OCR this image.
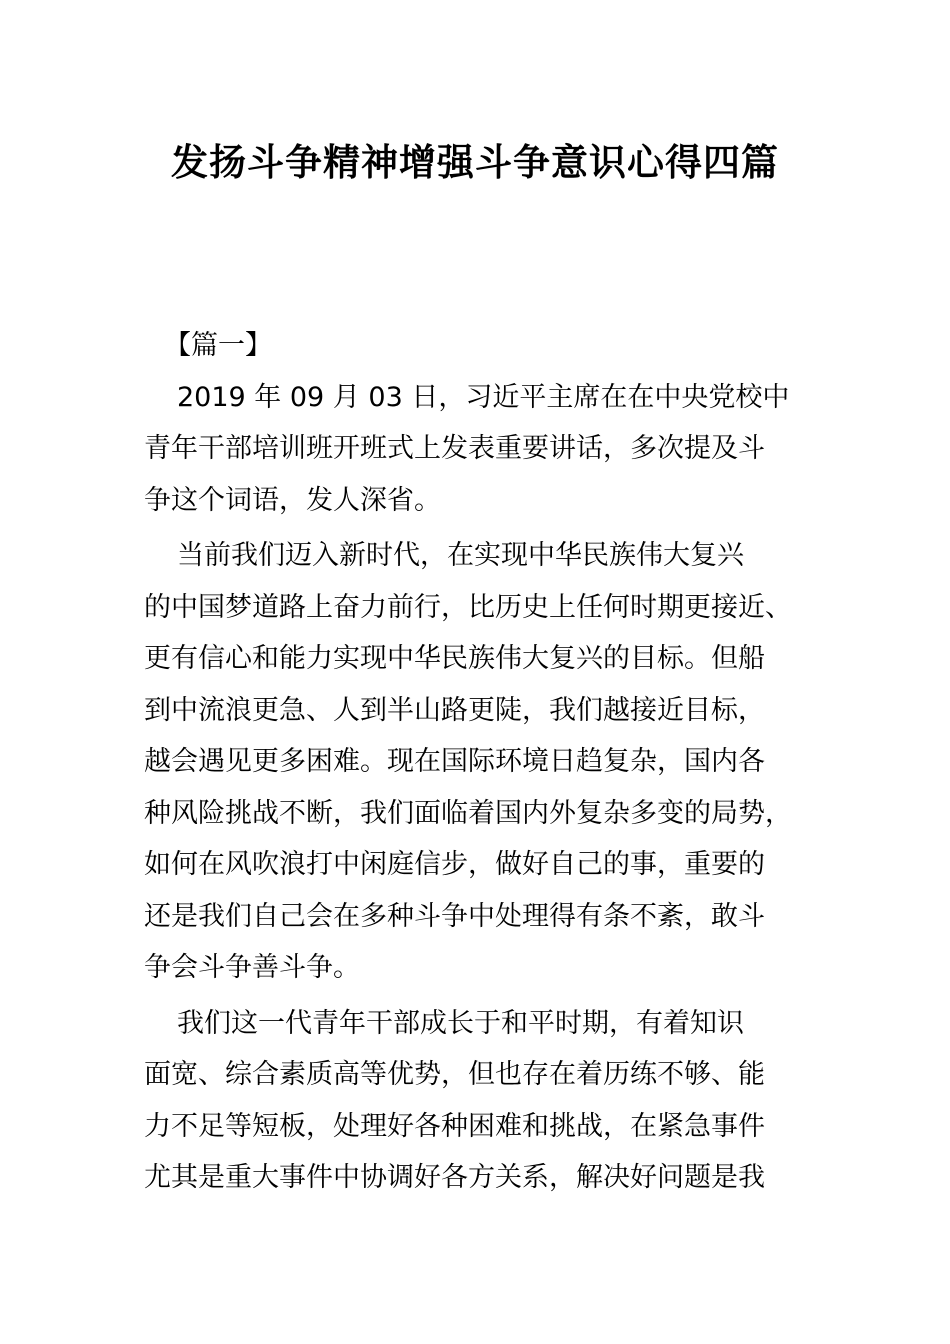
发扬斗争精神增强斗争意识心得四篇
【篇一】

2019 年 09 月 03 日，习近平主席在在中央党校中
青年干部培训班开班式上发表重要讲话，多次提及斗
争这个词语，发人深省。

当前我们迈入新时代，在实现中华民族伟大复兴
的中国梦道路上奋力前行，比历史上任何时期更接近、
更有信心和能力实现中华民族伟大复兴的目标。但船
到中流浪更急、人到半山路更陡，我们越接近目标，
越会遇见更多困难。现在国际环境日趋复杂，国内各
种风险挑战不断，我们面临着国内外复杂多变的局势，
如何在风吹浪打中闲庭信步，做好自己的事，重要的
还是我们自己会在多种斗争中处理得有条不紊，敢斗
争会斗争善斗争。

我们这一代青年干部成长于和平时期，有着知识
面宽、综合素质高等优势，但也存在着历练不够、能
力不足等短板，处理好各种困难和挑战，在紧急事件
尤其是重大事件中协调好各方关系，解决好问题是我
